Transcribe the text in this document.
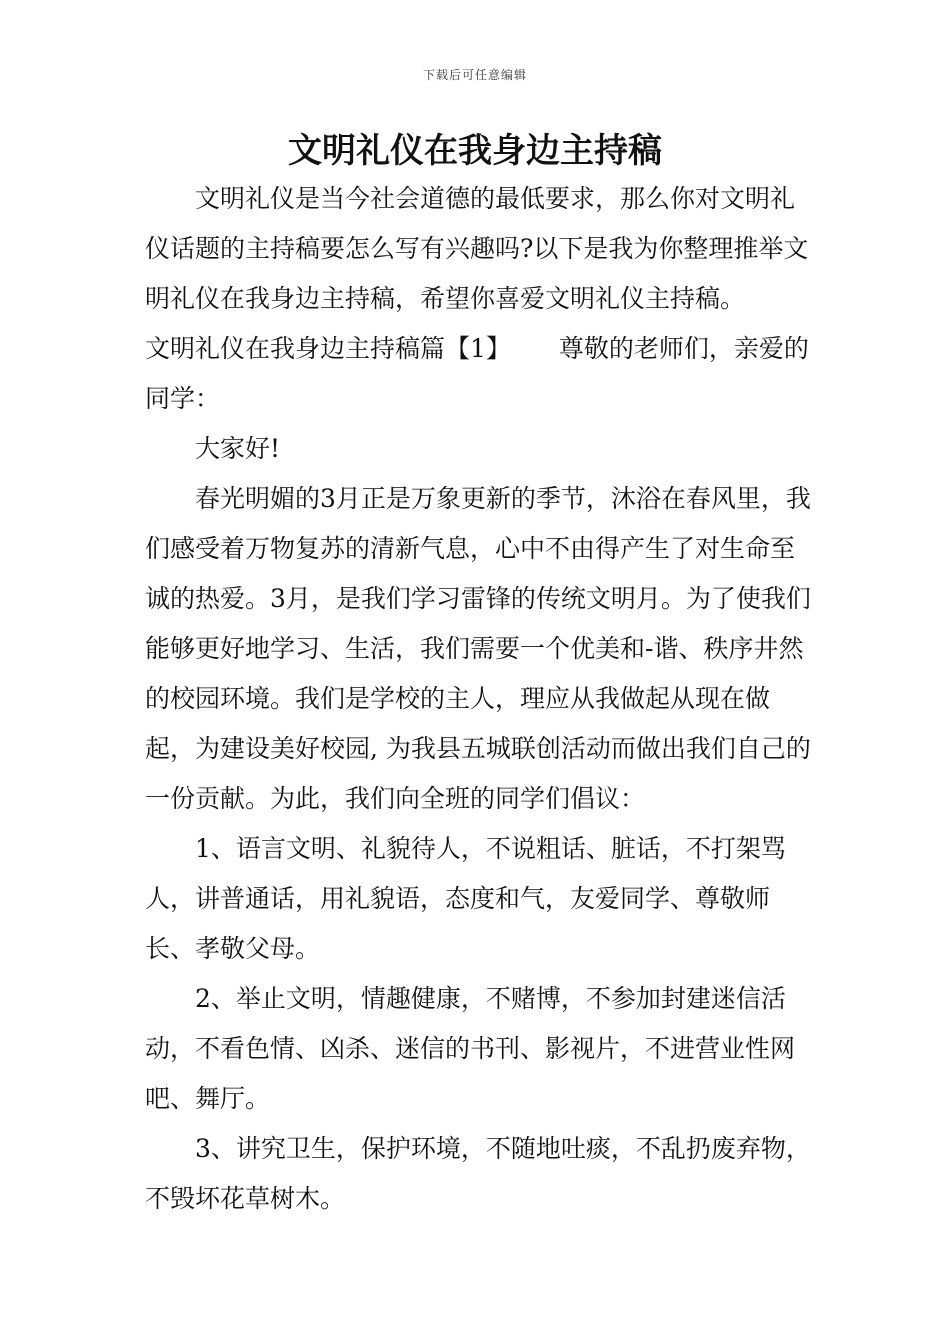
下载后可任意编辑
文明礼仪在我身边主持稿

文明礼仪是当今社会道德的最低要求，那么你对文明礼仪话题的主持稿要怎么写有兴趣吗?以下是我为你整理推举文明礼仪在我身边主持稿，希望你喜爱文明礼仪主持稿。

文明礼仪在我身边主持稿篇【1】 尊敬的老师们，亲爱的同学：

大家好!

春光明媚的3月正是万象更新的季节，沐浴在春风里，我们感受着万物复苏的清新气息，心中不由得产生了对生命至诚的热爱。3月，是我们学习雷锋的传统文明月。为了使我们能够更好地学习、生活，我们需要一个优美和-谐、秩序井然的校园环境。我们是学校的主人，理应从我做起从现在做起，为建设美好校园, 为我县五城联创活动而做出我们自己的一份贡献。为此，我们向全班的同学们倡议：

1、语言文明、礼貌待人，不说粗话、脏话，不打架骂人，讲普通话，用礼貌语，态度和气，友爱同学、尊敬师长、孝敬父母。

2、举止文明，情趣健康，不赌博，不参加封建迷信活动，不看色情、凶杀、迷信的书刊、影视片，不进营业性网吧、舞厅。

3、讲究卫生，保护环境，不随地吐痰，不乱扔废弃物，不毁坏花草树木。
